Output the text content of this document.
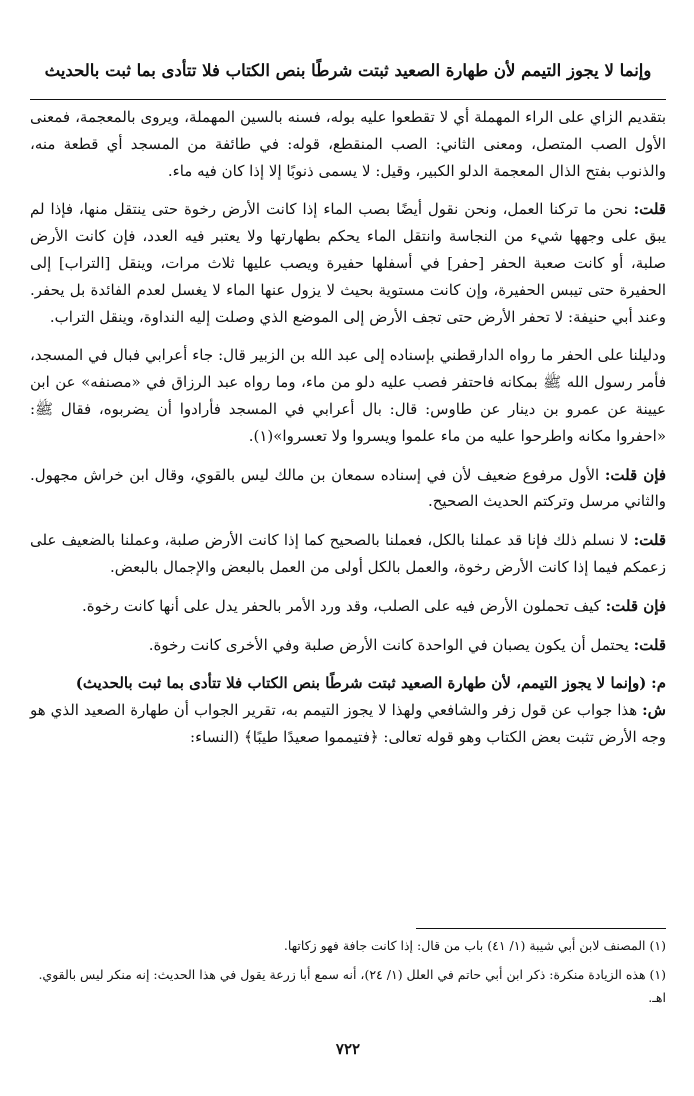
وإنما لا يجوز التيمم لأن طهارة الصعيد ثبتت شرطًا بنص الكتاب فلا تتأدى بما ثبت بالحديث

بتقديم الزاي على الراء المهملة أي لا تقطعوا عليه بوله، فسنه بالسين المهملة، ويروى بالمعجمة، فمعنى الأول الصب المتصل، ومعنى الثاني: الصب المنقطع، قوله: في طائفة من المسجد أي قطعة منه، والذنوب بفتح الذال المعجمة الدلو الكبير، وقيل: لا يسمى ذنوبًا إلا إذا كان فيه ماء.

قلت: نحن ما تركنا العمل، ونحن نقول أيضًا بصب الماء إذا كانت الأرض رخوة حتى ينتقل منها، فإذا لم يبق على وجهها شيء من النجاسة وانتقل الماء يحكم بطهارتها ولا يعتبر فيه العدد، فإن كانت الأرض صلبة، أو كانت صعبة الحفر [حفر] في أسفلها حفيرة ويصب عليها ثلاث مرات، وينقل [التراب] إلى الحفيرة حتى تيبس الحفيرة، وإن كانت مستوية بحيث لا يزول عنها الماء لا يغسل لعدم الفائدة بل يحفر. وعند أبي حنيفة: لا تحفر الأرض حتى تجف الأرض إلى الموضع الذي وصلت إليه النداوة، وينقل التراب.

ودليلنا على الحفر ما رواه الدارقطني بإسناده إلى عبد الله بن الزبير قال: جاء أعرابي فبال في المسجد، فأمر رسول الله ﷺ بمكانه فاحتفر فصب عليه دلو من ماء، وما رواه عبد الرزاق في «مصنفه» عن ابن عيينة عن عمرو بن دينار عن طاوس: قال: بال أعرابي في المسجد فأرادوا أن يضربوه، فقال ﷺ: «احفروا مكانه واطرحوا عليه من ماء علموا ويسروا ولا تعسروا»(١).

فإن قلت: الأول مرفوع ضعيف لأن في إسناده سمعان بن مالك ليس بالقوي، وقال ابن خراش مجهول. والثاني مرسل وتركتم الحديث الصحيح.

قلت: لا نسلم ذلك فإنا قد عملنا بالكل، فعملنا بالصحيح كما إذا كانت الأرض صلبة، وعملنا بالضعيف على زعمكم فيما إذا كانت الأرض رخوة، والعمل بالكل أولى من العمل بالبعض والإجمال بالبعض.

فإن قلت: كيف تحملون الأرض فيه على الصلب، وقد ورد الأمر بالحفر يدل على أنها كانت رخوة.

قلت: يحتمل أن يكون يصبان في الواحدة كانت الأرض صلبة وفي الأخرى كانت رخوة.

م: (وإنما لا يجوز التيمم، لأن طهارة الصعيد ثبتت شرطًا بنص الكتاب فلا تتأدى بما ثبت بالحديث)

ش: هذا جواب عن قول زفر والشافعي ولهذا لا يجوز التيمم به، تقرير الجواب أن طهارة الصعيد الذي هو وجه الأرض تثبت بعض الكتاب وهو قوله تعالى: ﴿فتيمموا صعيدًا طيبًا﴾ (النساء:

(١) المصنف لابن أبي شيبة (١/ ٤١) باب من قال: إذا كانت جافة فهو زكاتها.

(١) هذه الزيادة منكرة: ذكر ابن أبي حاتم في العلل (١/ ٢٤)، أنه سمع أبا زرعة يقول في هذا الحديث: إنه منكر ليس بالقوي. اهـ.

٧٢٢
